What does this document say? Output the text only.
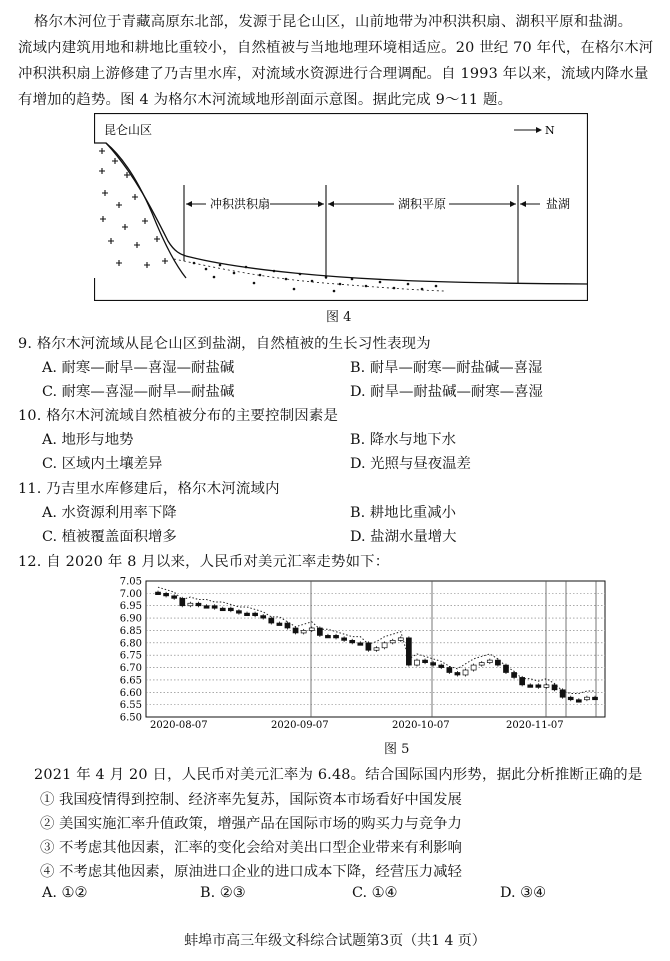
格尔木河位于青藏高原东北部，发源于昆仑山区，山前地带为冲积洪积扇、湖积平原和盐湖。
流域内建筑用地和耕地比重较小，自然植被与当地地理环境相适应。20 世纪 70 年代，在格尔木河
冲积洪积扇上游修建了乃吉里水库，对流域水资源进行合理调配。自 1993 年以来，流域内降水量
有增加的趋势。图 4 为格尔木河流域地形剖面示意图。据此完成 9～11 题。
昆仑山区	N
冲积洪积扇	湖积平原	盐湖
图 4
9. 格尔木河流域从昆仑山区到盐湖，自然植被的生长习性表现为
A. 耐寒—耐旱—喜湿—耐盐碱	B. 耐旱—耐寒—耐盐碱—喜湿
C. 耐寒—喜湿—耐旱—耐盐碱	D. 耐旱—耐盐碱—耐寒—喜湿
10. 格尔木河流域自然植被分布的主要控制因素是
A. 地形与地势	B. 降水与地下水
C. 区域内土壤差异	D. 光照与昼夜温差
11. 乃吉里水库修建后，格尔木河流域内
A. 水资源利用率下降	B. 耕地比重减小
C. 植被覆盖面积增多	D. 盐湖水量增大
12. 自 2020 年 8 月以来，人民币对美元汇率走势如下：
7.05
7.00
6.95
6.90
6.85
6.80
6.75
6.70
6.65
6.60
6.55
6.50
2020-08-07	2020-09-07	2020-10-07	2020-11-07
图 5
2021 年 4 月 20 日，人民币对美元汇率为 6.48。结合国际国内形势，据此分析推断正确的是
① 我国疫情得到控制、经济率先复苏，国际资本市场看好中国发展
② 美国实施汇率升值政策，增强产品在国际市场的购买力与竞争力
③ 不考虑其他因素，汇率的变化会给对美出口型企业带来有利影响
④ 不考虑其他因素，原油进口企业的进口成本下降，经营压力减轻
A. ①②	B. ②③	C. ①④	D. ③④
蚌埠市高三年级文科综合试题第3页（共1 4 页）
